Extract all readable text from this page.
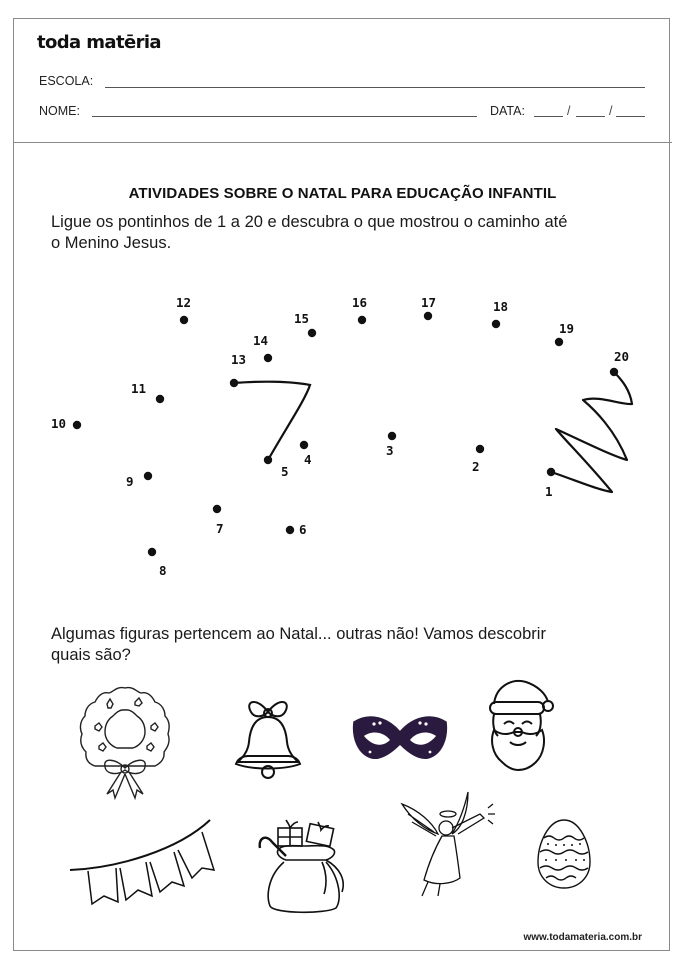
toda matēria
ESCOLA:
NOME:	DATA:	/	/
ATIVIDADES SOBRE O NATAL PARA EDUCAÇÃO INFANTIL
Ligue os pontinhos de 1 a 20 e descubra o que mostrou o caminho até
o Menino Jesus.
1
2
3
4
5
6
7
8
9
10
11
12
13
14
15
16	17	18
19
20
Algumas figuras pertencem ao Natal... outras não! Vamos descobrir
quais são?
www.todamateria.com.br
